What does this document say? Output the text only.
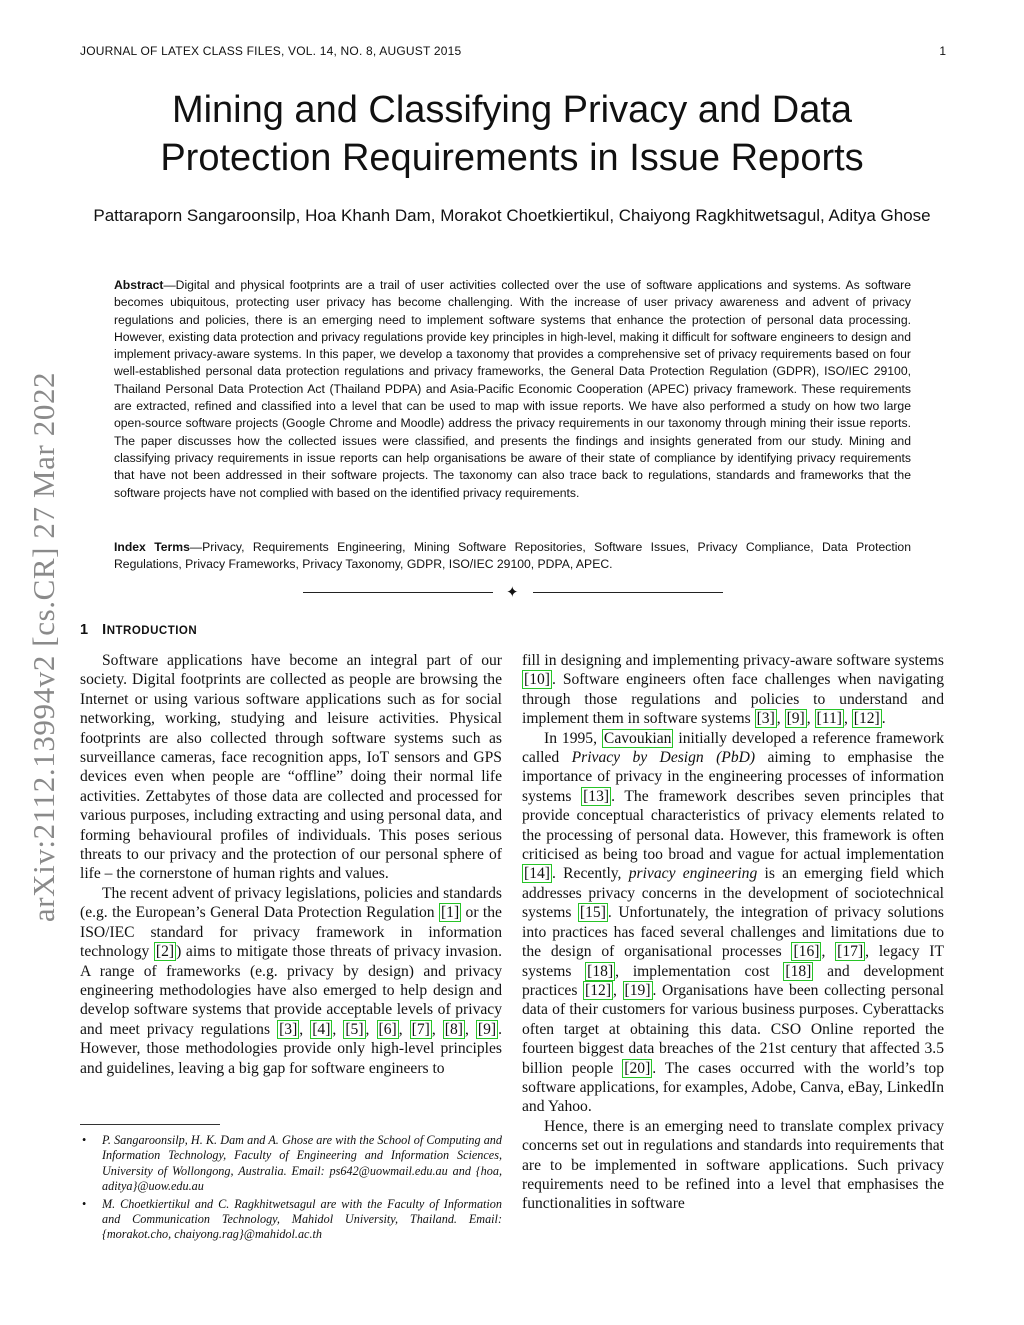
JOURNAL OF LATEX CLASS FILES, VOL. 14, NO. 8, AUGUST 2015	1
arXiv:2112.13994v2 [cs.CR] 27 Mar 2022
Mining and Classifying Privacy and Data Protection Requirements in Issue Reports
Pattaraporn Sangaroonsilp, Hoa Khanh Dam, Morakot Choetkiertikul, Chaiyong Ragkhitwetsagul, Aditya Ghose
Abstract—Digital and physical footprints are a trail of user activities collected over the use of software applications and systems. As software becomes ubiquitous, protecting user privacy has become challenging. With the increase of user privacy awareness and advent of privacy regulations and policies, there is an emerging need to implement software systems that enhance the protection of personal data processing. However, existing data protection and privacy regulations provide key principles in high-level, making it difficult for software engineers to design and implement privacy-aware systems. In this paper, we develop a taxonomy that provides a comprehensive set of privacy requirements based on four well-established personal data protection regulations and privacy frameworks, the General Data Protection Regulation (GDPR), ISO/IEC 29100, Thailand Personal Data Protection Act (Thailand PDPA) and Asia-Pacific Economic Cooperation (APEC) privacy framework. These requirements are extracted, refined and classified into a level that can be used to map with issue reports. We have also performed a study on how two large open-source software projects (Google Chrome and Moodle) address the privacy requirements in our taxonomy through mining their issue reports. The paper discusses how the collected issues were classified, and presents the findings and insights generated from our study. Mining and classifying privacy requirements in issue reports can help organisations be aware of their state of compliance by identifying privacy requirements that have not been addressed in their software projects. The taxonomy can also trace back to regulations, standards and frameworks that the software projects have not complied with based on the identified privacy requirements.
Index Terms—Privacy, Requirements Engineering, Mining Software Repositories, Software Issues, Privacy Compliance, Data Protection Regulations, Privacy Frameworks, Privacy Taxonomy, GDPR, ISO/IEC 29100, PDPA, APEC.
✦
1 INTRODUCTION

Software applications have become an integral part of our society. Digital footprints are collected as people are browsing the Internet or using various software applications such as for social networking, working, studying and leisure activities. Physical footprints are also collected through software systems such as surveillance cameras, face recognition apps, IoT sensors and GPS devices even when people are “offline” doing their normal life activities. Zettabytes of those data are collected and processed for various purposes, including extracting and using personal data, and forming behavioural profiles of individuals. This poses serious threats to our privacy and the protection of our personal sphere of life – the cornerstone of human rights and values.

The recent advent of privacy legislations, policies and standards (e.g. the European’s General Data Protection Regulation [1] or the ISO/IEC standard for privacy framework in information technology [2] ) aims to mitigate those threats of privacy invasion. A range of frameworks (e.g. privacy by design) and privacy engineering methodologies have also emerged to help design and develop software systems that provide acceptable levels of privacy and meet privacy regulations [3] , [4] , [5] , [6] , [7] , [8] , [9] . However, those methodologies provide only high-level principles and guidelines, leaving a big gap for software engineers to

• P. Sangaroonsilp, H. K. Dam and A. Ghose are with the School of Computing and Information Technology, Faculty of Engineering and Information Sciences, University of Wollongong, Australia. Email: ps642@uowmail.edu.au and {hoa, aditya}@uow.edu.au
• M. Choetkiertikul and C. Ragkhitwetsagul are with the Faculty of Information and Communication Technology, Mahidol University, Thailand. Email: {morakot.cho, chaiyong.rag}@mahidol.ac.th

fill in designing and implementing privacy-aware software systems [10] . Software engineers often face challenges when navigating through those regulations and policies to understand and implement them in software systems [3] , [9] , [11] , [12] .

In 1995, Cavoukian initially developed a reference framework called Privacy by Design (PbD) aiming to emphasise the importance of privacy in the engineering processes of information systems [13] . The framework describes seven principles that provide conceptual characteristics of privacy elements related to the processing of personal data. However, this framework is often criticised as being too broad and vague for actual implementation [14] . Recently, privacy engineering is an emerging field which addresses privacy concerns in the development of sociotechnical systems [15] . Unfortunately, the integration of privacy solutions into practices has faced several challenges and limitations due to the design of organisational processes [16] , [17] , legacy IT systems [18] , implementation cost [18] and development practices [12] , [19] . Organisations have been collecting personal data of their customers for various business purposes. Cyberattacks often target at obtaining this data. CSO Online reported the fourteen biggest data breaches of the 21st century that affected 3.5 billion people [20] . The cases occurred with the world’s top software applications, for examples, Adobe, Canva, eBay, LinkedIn and Yahoo.

Hence, there is an emerging need to translate complex privacy concerns set out in regulations and standards into requirements that are to be implemented in software applications. Such privacy requirements need to be refined into a level that emphasises the functionalities in software
